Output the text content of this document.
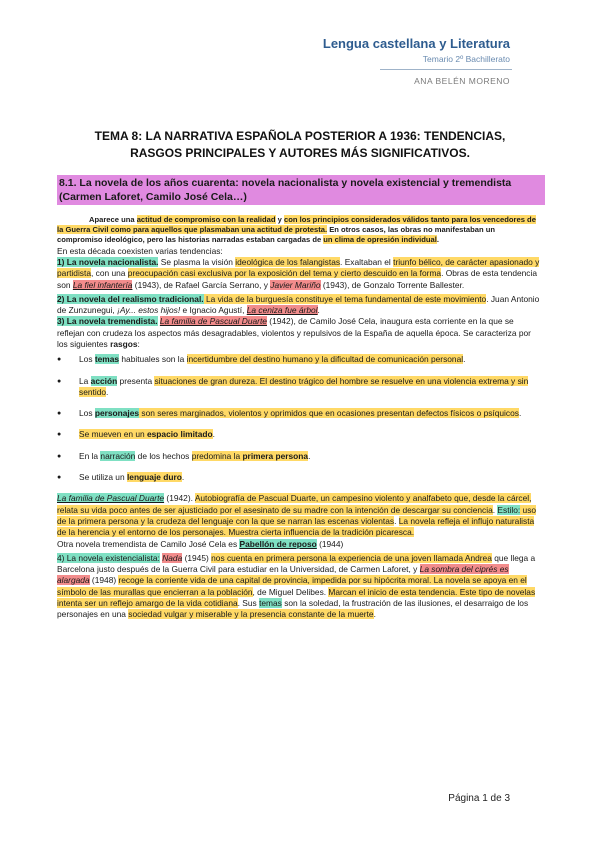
Lengua castellana y Literatura
Temario 2º Bachillerato
ANA BELÉN MORENO
TEMA 8: LA NARRATIVA ESPAÑOLA POSTERIOR A 1936: TENDENCIAS, RASGOS PRINCIPALES Y AUTORES MÁS SIGNIFICATIVOS.
8.1. La novela de los años cuarenta: novela nacionalista y novela existencial y tremendista (Carmen Laforet, Camilo José Cela…)

Aparece una actitud de compromiso con la realidad y con los principios considerados válidos tanto para los vencedores de la Guerra Civil como para aquellos que plasmaban una actitud de protesta. En otros casos, las obras no manifestaban un compromiso ideológico, pero las historias narradas estaban cargadas de un clima de opresión individual.

En esta década coexisten varias tendencias:

1) La novela nacionalista. Se plasma la visión ideológica de los falangistas. Exaltaban el triunfo bélico, de carácter apasionado y partidista, con una preocupación casi exclusiva por la exposición del tema y cierto descuido en la forma. Obras de esta tendencia son La fiel infantería (1943), de Rafael García Serrano, y Javier Mariño (1943), de Gonzalo Torrente Ballester.

2) La novela del realismo tradicional. La vida de la burguesía constituye el tema fundamental de este movimiento. Juan Antonio de Zunzunegui, ¡Ay... estos hijos! e Ignacio Agustí, La ceniza fue árbol.

3) La novela tremendista. La familia de Pascual Duarte (1942), de Camilo José Cela, inaugura esta corriente en la que se reflejan con crudeza los aspectos más desagradables, violentos y repulsivos de la España de aquella época. Se caracteriza por los siguientes rasgos:

● Los temas habituales son la incertidumbre del destino humano y la dificultad de comunicación personal.
● La acción presenta situaciones de gran dureza. El destino trágico del hombre se resuelve en una violencia extrema y sin sentido.
● Los personajes son seres marginados, violentos y oprimidos que en ocasiones presentan defectos físicos o psíquicos.
● Se mueven en un espacio limitado.
● En la narración de los hechos predomina la primera persona.
● Se utiliza un lenguaje duro.

La familia de Pascual Duarte (1942). Autobiografía de Pascual Duarte, un campesino violento y analfabeto que, desde la cárcel, relata su vida poco antes de ser ajusticiado por el asesinato de su madre con la intención de descargar su conciencia. Estilo: uso de la primera persona y la crudeza del lenguaje con la que se narran las escenas violentas. La novela refleja el influjo naturalista de la herencia y el entorno de los personajes. Muestra cierta influencia de la tradición picaresca.
Otra novela tremendista de Camilo José Cela es Pabellón de reposo (1944)

4) La novela existencialista: Nada (1945) nos cuenta en primera persona la experiencia de una joven llamada Andrea que llega a Barcelona justo después de la Guerra Civil para estudiar en la Universidad, de Carmen Laforet, y La sombra del ciprés es alargada (1948) recoge la corriente vida de una capital de provincia, impedida por su hipócrita moral. La novela se apoya en el símbolo de las murallas que encierran a la población, de Miguel Delibes. Marcan el inicio de esta tendencia. Este tipo de novelas intenta ser un reflejo amargo de la vida cotidiana. Sus temas son la soledad, la frustración de las ilusiones, el desarraigo de los personajes en una sociedad vulgar y miserable y la presencia constante de la muerte.

Página 1 de 3
